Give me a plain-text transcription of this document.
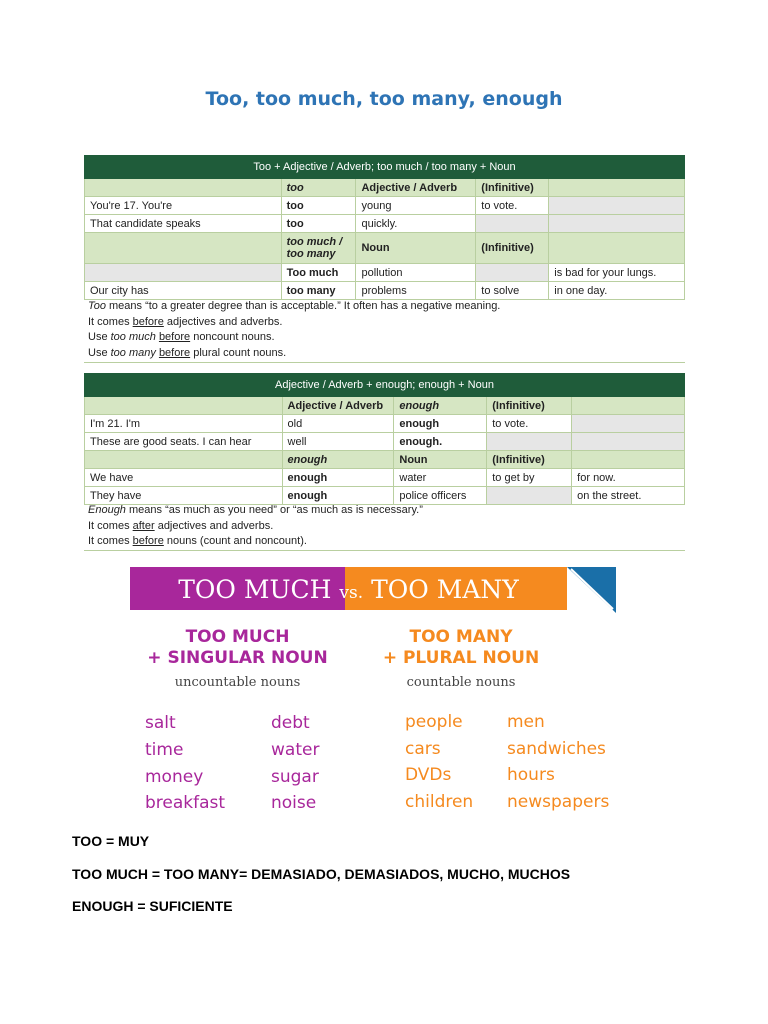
Too, too much, too many, enough
Too + Adjective / Adverb; too much / too many + Noun				
	too	Adjective / Adverb	(Infinitive)	
You're 17. You're	too	young	to vote.	
That candidate speaks	too	quickly.		
	too much / too many	Noun	(Infinitive)	
	Too much	pollution		is bad for your lungs.
Our city has	too many	problems	to solve	in one day.
Too means “to a greater degree than is acceptable.” It often has a negative meaning.
It comes before adjectives and adverbs.
Use too much before noncount nouns.
Use too many before plural count nouns.
Adjective / Adverb + enough; enough + Noun				
	Adjective / Adverb	enough	(Infinitive)	
I'm 21. I'm	old	enough	to vote.	
These are good seats. I can hear	well	enough.		
	enough	Noun	(Infinitive)	
We have	enough	water	to get by	for now.
They have	enough	police officers		on the street.
Enough means “as much as you need” or “as much as is necessary.”
It comes after adjectives and adverbs.
It comes before nouns (count and noncount).
TOO MUCH vs. TOO MANY
TOO MUCH
+ SINGULAR NOUN
TOO MANY
+ PLURAL NOUN
uncountable nouns	countable nouns
salt
time
money
breakfast
debt
water
sugar
noise
people
cars
DVDs
children
men
sandwiches
hours
newspapers
TOO = MUY
TOO MUCH = TOO MANY= DEMASIADO, DEMASIADOS, MUCHO, MUCHOS
ENOUGH = SUFICIENTE
